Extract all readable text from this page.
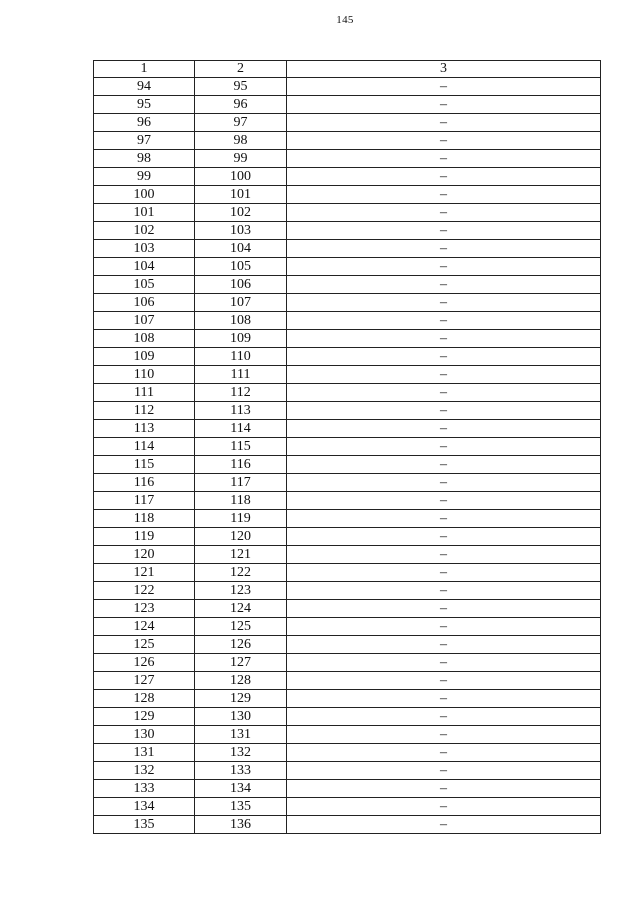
145
1	2	3
94	95	–
95	96	–
96	97	–
97	98	–
98	99	–
99	100	–
100	101	–
101	102	–
102	103	–
103	104	–
104	105	–
105	106	–
106	107	–
107	108	–
108	109	–
109	110	–
110	111	–
111	112	–
112	113	–
113	114	–
114	115	–
115	116	–
116	117	–
117	118	–
118	119	–
119	120	–
120	121	–
121	122	–
122	123	–
123	124	–
124	125	–
125	126	–
126	127	–
127	128	–
128	129	–
129	130	–
130	131	–
131	132	–
132	133	–
133	134	–
134	135	–
135	136	–
